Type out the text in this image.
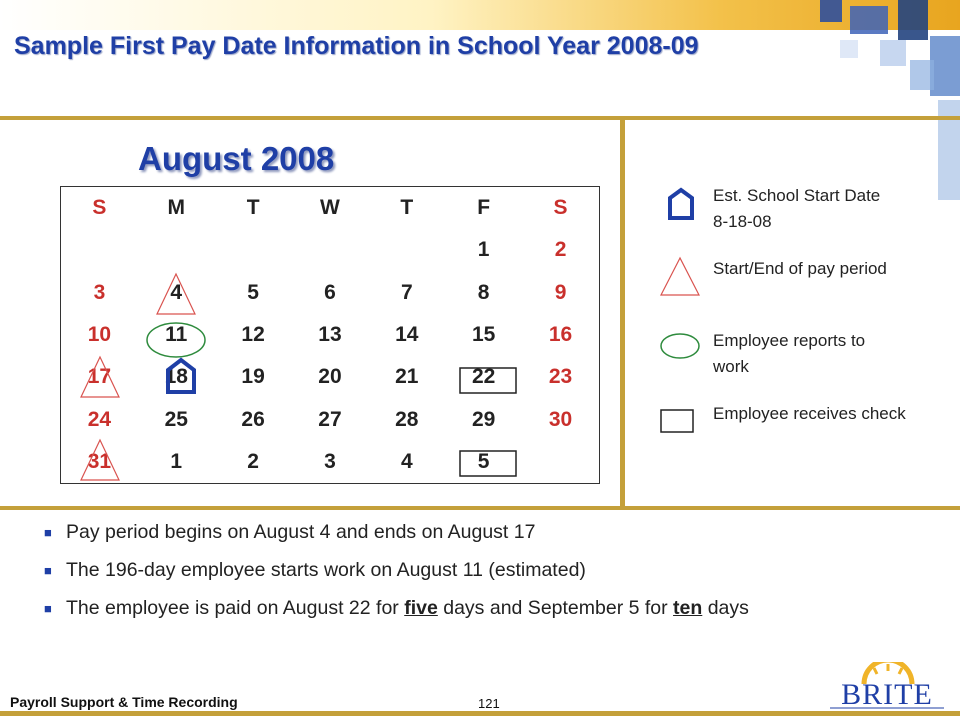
Sample First Pay Date Information in School Year 2008-09
August 2008
S	M	T	W	T	F	S
					1	2
3	4	5	6	7	8	9
10	11	12	13	14	15	16
17	18	19	20	21	22	23
24	25	26	27	28	29	30
31	1	2	3	4	5	
Est. School Start Date 8-18-08
Start/End of pay period
Employee reports to work
Employee receives check
■ Pay period begins on August 4 and ends on August 17
■ The 196-day employee starts work on August 11 (estimated)
■ The employee is paid on August 22 for five days and September 5 for ten days
Payroll Support & Time Recording	121	BRITE
